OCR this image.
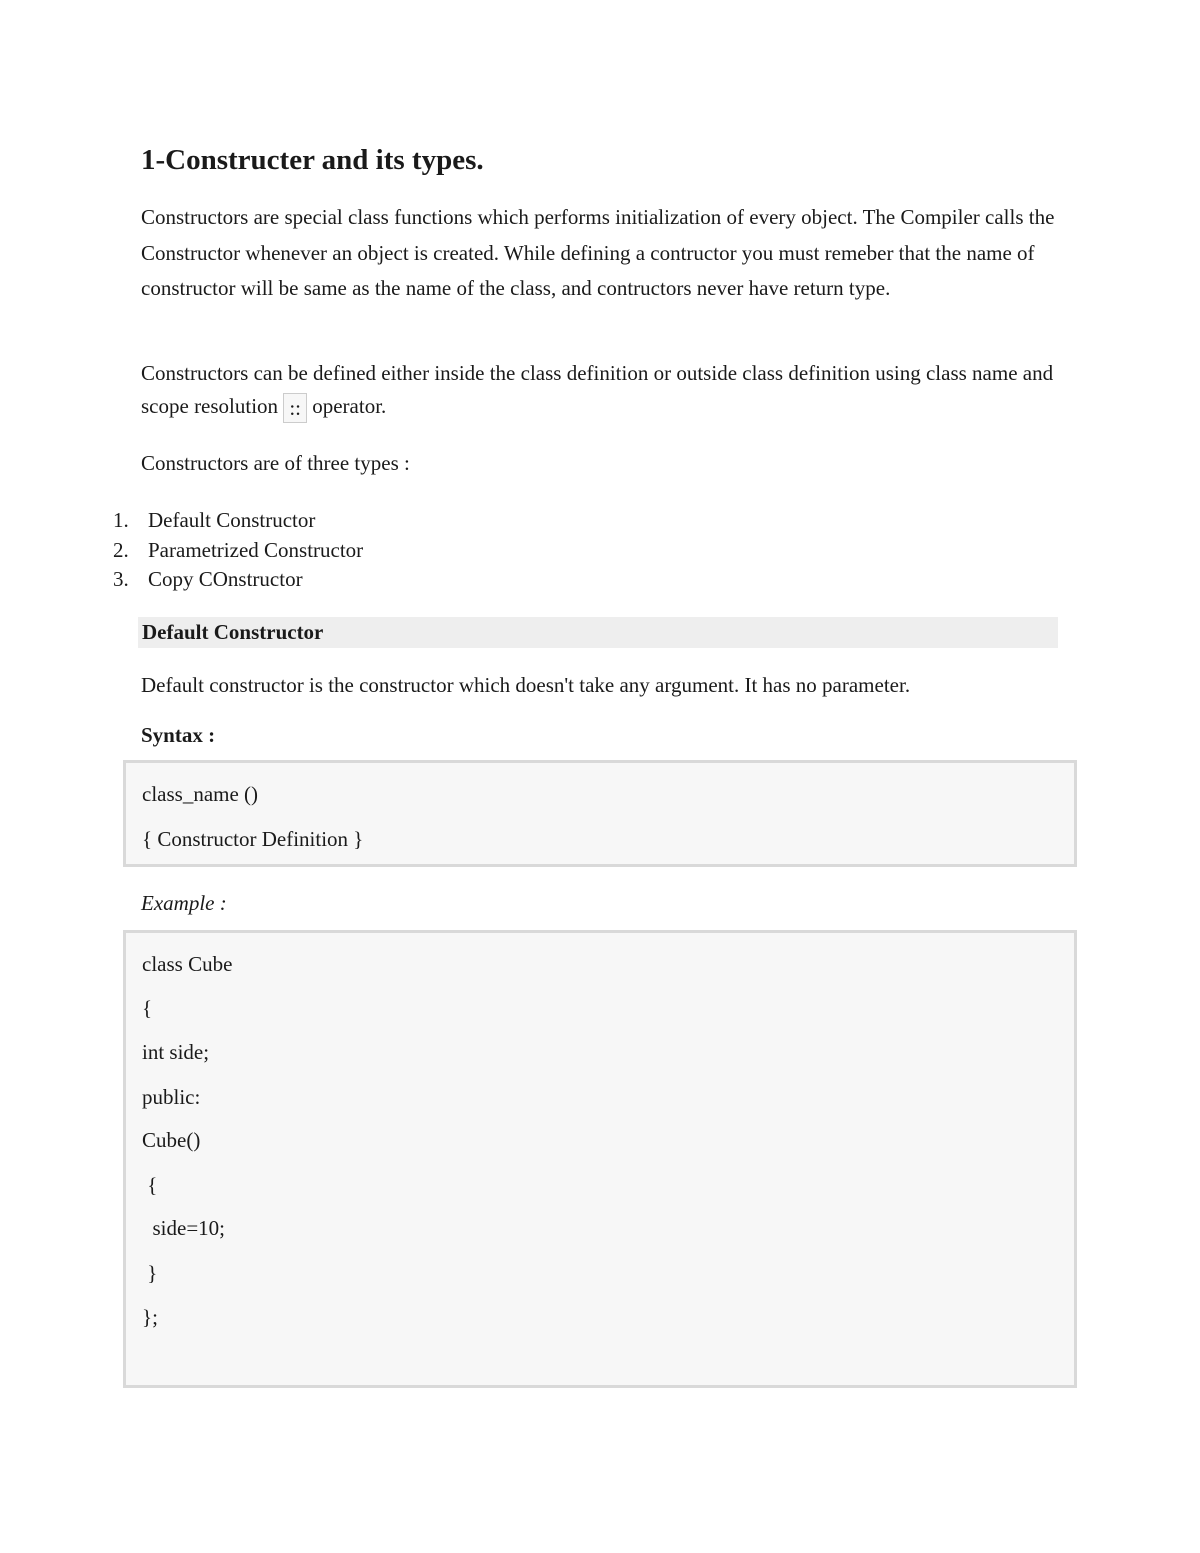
1-Constructer and its types.

Constructors are special class functions which performs initialization of every object. The Compiler calls the Constructor whenever an object is created. While defining a contructor you must remeber that the name of constructor will be same as the name of the class, and contructors never have return type.

Constructors can be defined either inside the class definition or outside class definition using class name and scope resolution :: operator.

Constructors are of three types :

1. Default Constructor
2. Parametrized Constructor
3. Copy COnstructor
Default Constructor

Default constructor is the constructor which doesn't take any argument. It has no parameter.

Syntax :
class_name ()
{ Constructor Definition }
Example :
class Cube
{
int side;
public:
Cube()
{
side=10;
}
};
